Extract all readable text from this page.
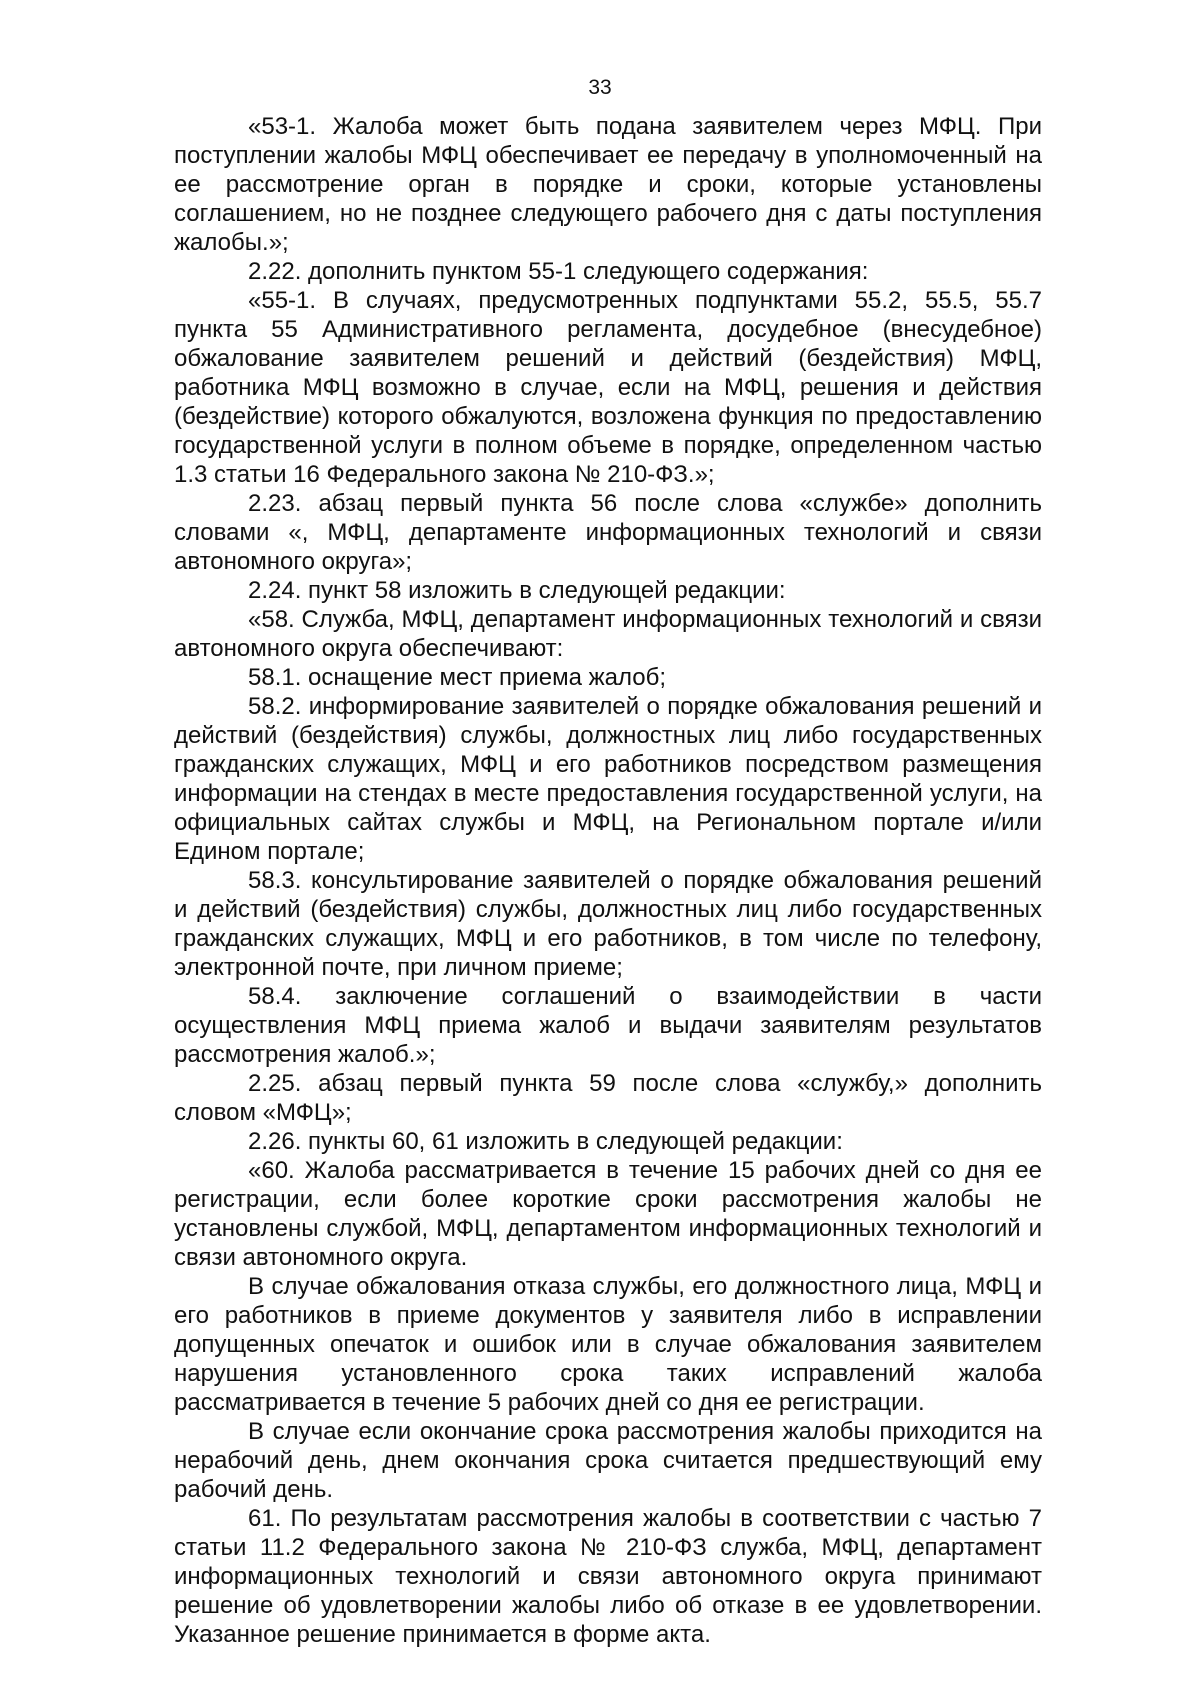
33

«53-1. Жалоба может быть подана заявителем через МФЦ. При поступлении жалобы МФЦ обеспечивает ее передачу в уполномоченный на ее рассмотрение орган в порядке и сроки, которые установлены соглашением, но не позднее следующего рабочего дня с даты поступления жалобы.»;

2.22. дополнить пунктом 55-1 следующего содержания:

«55-1. В случаях, предусмотренных подпунктами 55.2, 55.5, 55.7 пункта 55 Административного регламента, досудебное (внесудебное) обжалование заявителем решений и действий (бездействия) МФЦ, работника МФЦ возможно в случае, если на МФЦ, решения и действия (бездействие) которого обжалуются, возложена функция по предоставлению государственной услуги в полном объеме в порядке, определенном частью 1.3 статьи 16 Федерального закона № 210-ФЗ.»;

2.23. абзац первый пункта 56 после слова «службе» дополнить словами «, МФЦ, департаменте информационных технологий и связи автономного округа»;

2.24. пункт 58 изложить в следующей редакции:

«58. Служба, МФЦ, департамент информационных технологий и связи автономного округа обеспечивают:

58.1. оснащение мест приема жалоб;

58.2. информирование заявителей о порядке обжалования решений и действий (бездействия) службы, должностных лиц либо государственных гражданских служащих, МФЦ и его работников посредством размещения информации на стендах в месте предоставления государственной услуги, на официальных сайтах службы и МФЦ, на Региональном портале и/или Едином портале;

58.3. консультирование заявителей о порядке обжалования решений и действий (бездействия) службы, должностных лиц либо государственных гражданских служащих, МФЦ и его работников, в том числе по телефону, электронной почте, при личном приеме;

58.4. заключение соглашений о взаимодействии в части осуществления МФЦ приема жалоб и выдачи заявителям результатов рассмотрения жалоб.»;

2.25. абзац первый пункта 59 после слова «службу,» дополнить словом «МФЦ»;

2.26. пункты 60, 61 изложить в следующей редакции:

«60. Жалоба рассматривается в течение 15 рабочих дней со дня ее регистрации, если более короткие сроки рассмотрения жалобы не установлены службой, МФЦ, департаментом информационных технологий и связи автономного округа.

В случае обжалования отказа службы, его должностного лица, МФЦ и его работников в приеме документов у заявителя либо в исправлении допущенных опечаток и ошибок или в случае обжалования заявителем нарушения установленного срока таких исправлений жалоба рассматривается в течение 5 рабочих дней со дня ее регистрации.

В случае если окончание срока рассмотрения жалобы приходится на нерабочий день, днем окончания срока считается предшествующий ему рабочий день.

61. По результатам рассмотрения жалобы в соответствии с частью 7 статьи 11.2 Федерального закона № 210-ФЗ служба, МФЦ, департамент информационных технологий и связи автономного округа принимают решение об удовлетворении жалобы либо об отказе в ее удовлетворении. Указанное решение принимается в форме акта.
